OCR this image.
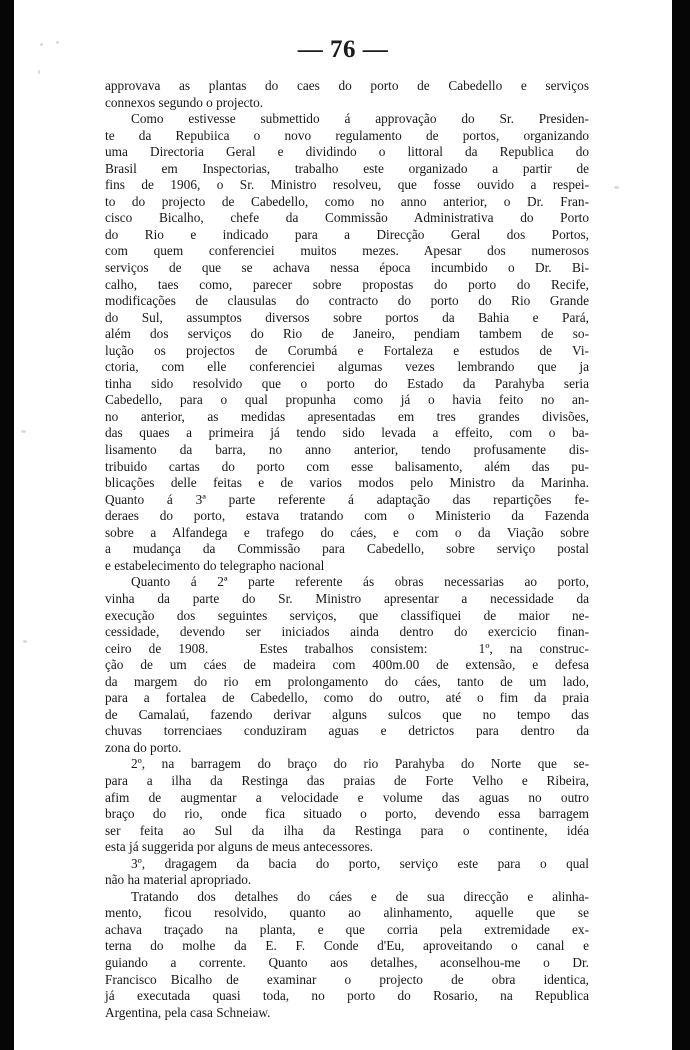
— 76 —
approvava as plantas do caes do porto de Cabedello e serviços
connexos segundo o projecto.
Como estivesse submettido á approvação do Sr. Presiden-
te da Repubiica o novo regulamento de portos, organizando
uma Directoria Geral e dividindo o littoral da Republica do
Brasil em Inspectorias, trabalho este organizado a partir de
fins de 1906, o Sr. Ministro resolveu, que fosse ouvido a respei-
to do projecto de Cabedello, como no anno anterior, o Dr. Fran-
cisco Bicalho, chefe da Commissão Administrativa do Porto
do Rio e indicado para a Direcção Geral dos Portos,
com quem conferenciei muitos mezes. Apesar dos numerosos
serviços de que se achava nessa época incumbido o Dr. Bi-
calho, taes como, parecer sobre propostas do porto do Recife,
modificações de clausulas do contracto do porto do Rio Grande
do Sul, assumptos diversos sobre portos da Bahia e Pará,
além dos serviços do Rio de Janeiro, pendiam tambem de so-
lução os projectos de Corumbá e Fortaleza e estudos de Vi-
ctoria, com elle conferenciei algumas vezes lembrando que ja
tinha sido resolvido que o porto do Estado da Parahyba seria
Cabedello, para o qual propunha como já o havia feito no an-
no anterior, as medidas apresentadas em tres grandes divisões,
das quaes a primeira já tendo sido levada a effeito, com o ba-
lisamento da barra, no anno anterior, tendo profusamente dis-
tribuido cartas do porto com esse balisamento, além das pu-
blicações delle feitas e de varios modos pelo Ministro da Marinha.
Quanto á 3ª parte referente á adaptação das repartições fe-
deraes do porto, estava tratando com o Ministerio da Fazenda
sobre a Alfandega e trafego do cáes, e com o da Viação sobre
a mudança da Commissão para Cabedello, sobre serviço postal
e estabelecimento do telegrapho nacional
Quanto á 2ª parte referente ás obras necessarias ao porto,
vinha da parte do Sr. Ministro apresentar a necessidade da
execução dos seguintes serviços, que classifiquei de maior ne-
cessidade, devendo ser iniciados ainda dentro do exercicio finan-
ceiro de 1908.   Estes trabalhos consistem:   1º, na construc-
ção de um cáes de madeira com 400m.00 de extensão, e defesa
da margem do rio em prolongamento do cáes, tanto de um lado,
para a fortalea de Cabedello, como do outro, até o fim da praia
de Camalaú, fazendo derivar alguns sulcos que no tempo das
chuvas torrenciaes conduziram aguas e detrictos para dentro da
zona do porto.
2º, na barragem do braço do rio Parahyba do Norte que se-
para a ilha da Restinga das praias de Forte Velho e Ribeira,
afim de augmentar a velocidade e volume das aguas no outro
braço do rio, onde fica situado o porto, devendo essa barragem
ser feita ao Sul da ilha da Restinga para o continente, idéa
esta já suggerida por alguns de meus antecessores.
3º, dragagem da bacia do porto, serviço este para o qual
não ha material apropriado.
Tratando dos detalhes do cáes e de sua direcção e alinha-
mento, ficou resolvido, quanto ao alinhamento, aquelle que se
achava traçado na planta, e que corria pela extremidade ex-
terna do molhe da E. F. Conde d'Eu, aproveitando o canal e
guiando a corrente. Quanto aos detalhes, aconselhou-me o Dr.
Francisco Bicalho de  examinar  o  projecto  de  obra  identica,
já executada quasi toda, no porto do Rosario, na Republica
Argentina, pela casa Schneiaw.
